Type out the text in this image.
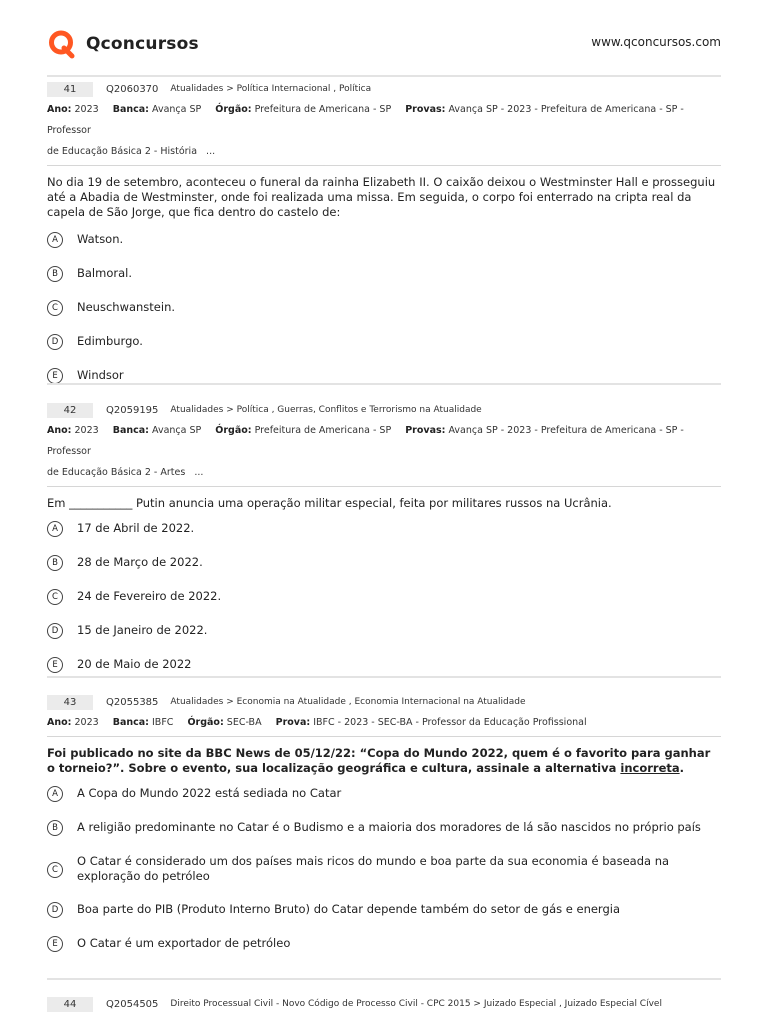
Qconcursos	www.qconcursos.com
41	Q2060370 Atualidades > Política Internacional , Política
Ano: 2023 Banca: Avança SP Órgão: Prefeitura de Americana - SP Provas: Avança SP - 2023 - Prefeitura de Americana - SP - Professor
de Educação Básica 2 - História ...
No dia 19 de setembro, aconteceu o funeral da rainha Elizabeth II. O caixão deixou o Westminster Hall e prosseguiu até a Abadia de Westminster, onde foi realizada uma missa. Em seguida, o corpo foi enterrado na cripta real da capela de São Jorge, que fica dentro do castelo de:
A	Watson.
B	Balmoral.
C	Neuschwanstein.
D	Edimburgo.
E	Windsor
42	Q2059195 Atualidades > Política , Guerras, Conflitos e Terrorismo na Atualidade
Ano: 2023 Banca: Avança SP Órgão: Prefeitura de Americana - SP Provas: Avança SP - 2023 - Prefeitura de Americana - SP - Professor
de Educação Básica 2 - Artes ...
Em ___________ Putin anuncia uma operação militar especial, feita por militares russos na Ucrânia.
A	17 de Abril de 2022.
B	28 de Março de 2022.
C	24 de Fevereiro de 2022.
D	15 de Janeiro de 2022.
E	20 de Maio de 2022
43	Q2055385 Atualidades > Economia na Atualidade , Economia Internacional na Atualidade
Ano: 2023 Banca: IBFC Órgão: SEC-BA Prova: IBFC - 2023 - SEC-BA - Professor da Educação Profissional
Foi publicado no site da BBC News de 05/12/22: “Copa do Mundo 2022, quem é o favorito para ganhar o torneio?”. Sobre o evento, sua localização geográfica e cultura, assinale a alternativa incorreta.
A	A Copa do Mundo 2022 está sediada no Catar
B	A religião predominante no Catar é o Budismo e a maioria dos moradores de lá são nascidos no próprio país
C
O Catar é considerado um dos países mais ricos do mundo e boa parte da sua economia é baseada na exploração do petróleo
D	Boa parte do PIB (Produto Interno Bruto) do Catar depende também do setor de gás e energia
E	O Catar é um exportador de petróleo
44	Q2054505 Direito Processual Civil - Novo Código de Processo Civil - CPC 2015 > Juizado Especial , Juizado Especial Cível
